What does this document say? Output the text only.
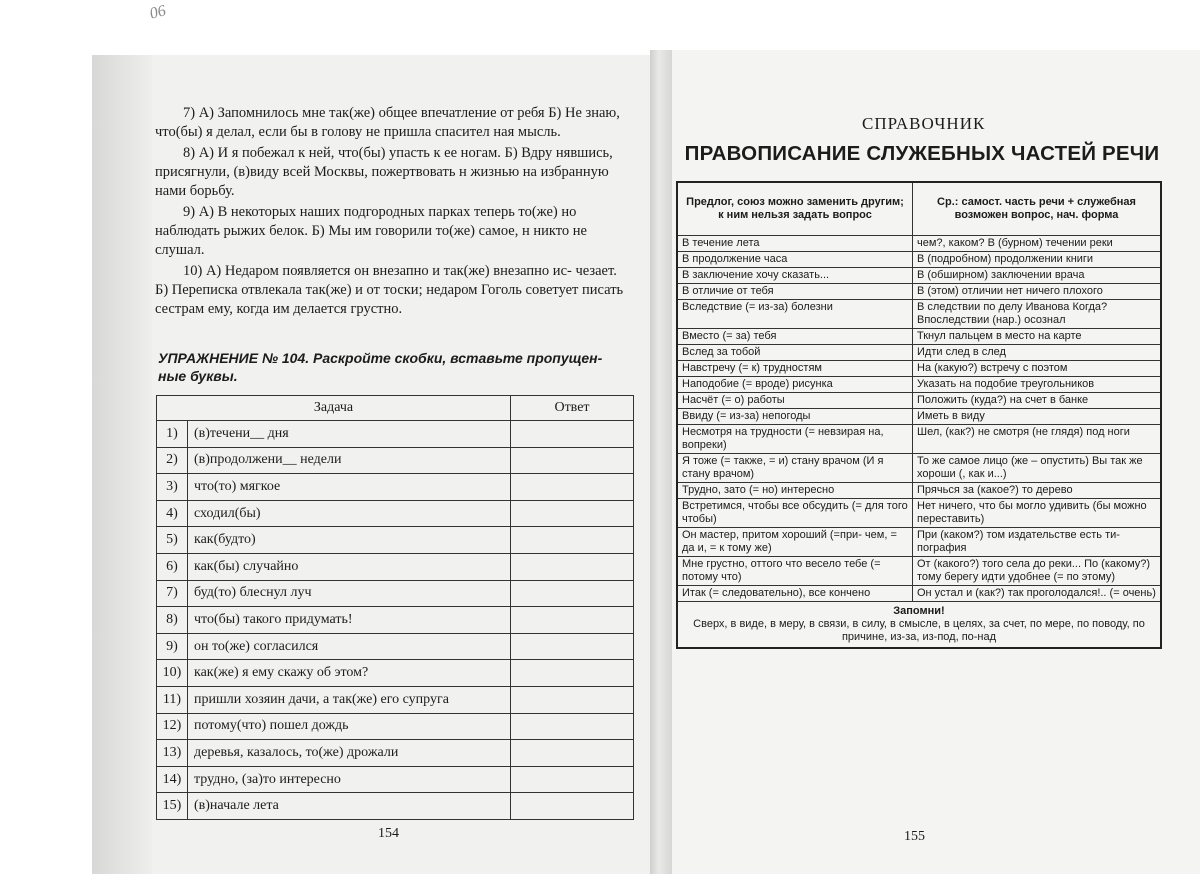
06

7) А) Запомнилось мне так(же) общее впечатление от ребя Б) Не знаю, что(бы) я делал, если бы в голову не пришла спасител ная мысль.

8) А) И я побежал к ней, что(бы) упасть к ее ногам. Б) Вдру нявшись, присягнули, (в)виду всей Москвы, пожертвовать н жизнью на избранную нами борьбу.

9) А) В некоторых наших подгородных парках теперь то(же) но наблюдать рыжих белок. Б) Мы им говорили то(же) самое, н никто не слушал.

10) А) Недаром появляется он внезапно и так(же) внезапно ис- чезает. Б) Переписка отвлекала так(же) и от тоски; недаром Гоголь советует писать сестрам ему, когда им делается грустно.

УПРАЖНЕНИЕ № 104. Раскройте скобки, вставьте пропущен- ные буквы.
Задача		Ответ
1)	(в)течени__ дня	
2)	(в)продолжени__ недели	
3)	что(то) мягкое	
4)	сходил(бы)	
5)	как(будто)	
6)	как(бы) случайно	
7)	буд(то) блеснул луч	
8)	что(бы) такого придумать!	
9)	он то(же) согласился	
10)	как(же) я ему скажу об этом?	
11)	пришли хозяин дачи, а так(же) его супруга	
12)	потому(что) пошел дождь	
13)	деревья, казалось, то(же) дрожали	
14)	трудно, (за)то интересно	
15)	(в)начале лета	
154
СПРАВОЧНИК
ПРАВОПИСАНИЕ СЛУЖЕБНЫХ ЧАСТЕЙ РЕЧИ
Предлог, союз можно заменить другим; к ним нельзя задать вопрос	Ср.: самост. часть речи + служебная возможен вопрос, нач. форма
В течение лета	чем?, каком? В (бурном) течении реки
В продолжение часа	В (подробном) продолжении книги
В заключение хочу сказать...	В (обширном) заключении врача
В отличие от тебя	В (этом) отличии нет ничего плохого
Вследствие (= из-за) болезни	В следствии по делу Иванова Когда? Впоследствии (нар.) осознал
Вместо (= за) тебя	Ткнул пальцем в место на карте
Вслед за тобой	Идти след в след
Навстречу (= к) трудностям	На (какую?) встречу с поэтом
Наподобие (= вроде) рисунка	Указать на подобие треугольников
Насчёт (= о) работы	Положить (куда?) на счет в банке
Ввиду (= из-за) непогоды	Иметь в виду
Несмотря на трудности (= невзирая на, вопреки)	Шел, (как?) не смотря (не глядя) под ноги
Я тоже (= также, = и) стану врачом (И я стану врачом)	То же самое лицо (же – опустить) Вы так же хороши (, как и...)
Трудно, зато (= но) интересно	Прячься за (какое?) то дерево
Встретимся, чтобы все обсудить (= для того чтобы)	Нет ничего, что бы могло удивить (бы можно переставить)
Он мастер, притом хороший (=при- чем, = да и, = к тому же)	При (каком?) том издательстве есть ти- пография
Мне грустно, оттого что весело тебе (= потому что)	От (какого?) того села до реки... По (какому?) тому берегу идти удобнее (= по этому)
Итак (= следовательно), все кончено	Он устал и (как?) так проголодался!.. (= очень)
Запомни!
Сверх, в виде, в меру, в связи, в силу, в смысле, в целях, за счет, по мере, по поводу, по причине, из-за, из-под, по-над	
155
